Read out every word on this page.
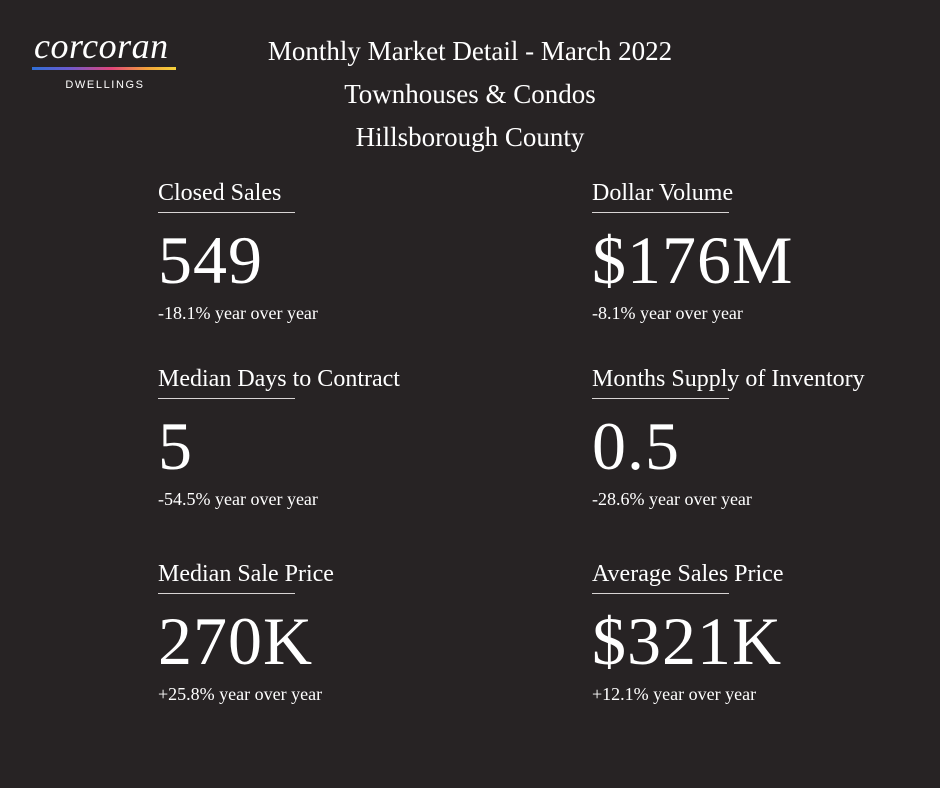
corcoran
DWELLINGS
Monthly Market Detail - March 2022
Townhouses & Condos
Hillsborough County
Closed Sales
549
-18.1% year over year
Dollar Volume
$176M
-8.1% year over year
Median Days to Contract
5
-54.5% year over year
Months Supply of Inventory
0.5
-28.6% year over year
Median Sale Price
270K
+25.8% year over year
Average Sales Price
$321K
+12.1% year over year
